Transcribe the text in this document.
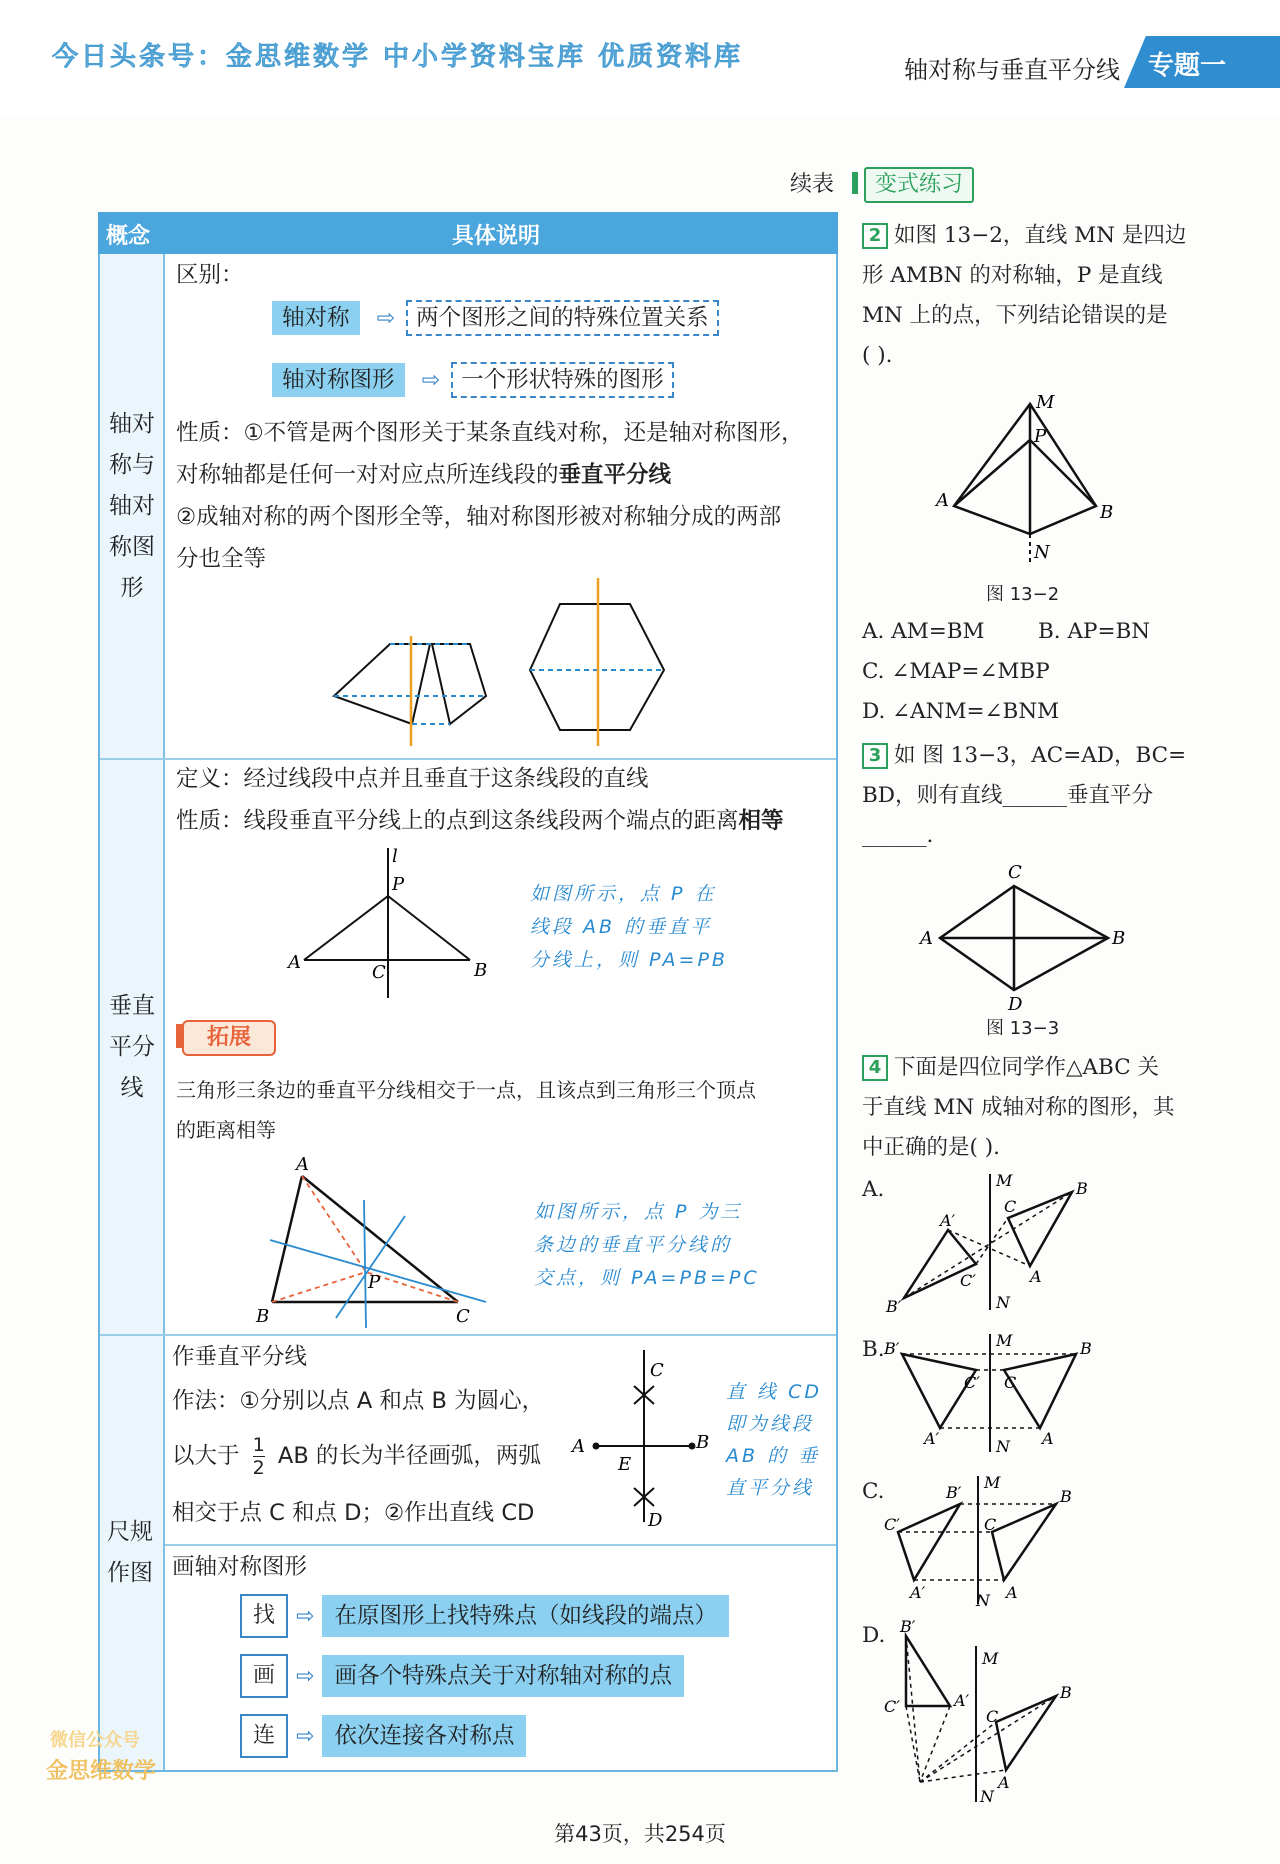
今日头条号：金思维数学 中小学资料宝库 优质资料库	轴对称与垂直平分线 专题一
续表	变式练习
概念	具体说明
轴对
称与
轴对
称图
形
区别：
轴对称 ⇨ 两个图形之间的特殊位置关系
轴对称图形 ⇨ 一个形状特殊的图形
性质：①不管是两个图形关于某条直线对称，还是轴对称图形，
对称轴都是任何一对对应点所连线段的垂直平分线
②成轴对称的两个图形全等，轴对称图形被对称轴分成的两部
分也全等
垂直
平分
线
定义：经过线段中点并且垂直于这条线段的直线
性质：线段垂直平分线上的点到这条线段两个端点的距离相等
l
P
A	B
C
如图所示，点 P 在
线段 AB 的垂直平
分线上，则 PA=PB
拓展
三角形三条边的垂直平分线相交于一点，且该点到三角形三个顶点
的距离相等
A
B	C
P
如图所示，点 P 为三
条边的垂直平分线的
交点，则 PA=PB=PC
尺规
作图
作垂直平分线
作法：①分别以点 A 和点 B 为圆心，
以大于 $\frac{1}{2}$ AB 的长为半径画弧，两弧
相交于点 C 和点 D；②作出直线 CD
C
A	B
E
D
直 线 CD
即为线段
AB 的 垂
直平分线
画轴对称图形
找 ⇨ 在原图形上找特殊点（如线段的端点）
画 ⇨ 画各个特殊点关于对称轴对称的点
连 ⇨ 依次连接各对称点
2 如图 13−2，直线 MN 是四边
形 AMBN 的对称轴，P 是直线
MN 上的点，下列结论错误的是
( ).
M
P
A
B
N
图 13−2
A. AM=BM B. AP=BN
C. ∠MAP=∠MBP
D. ∠ANM=∠BNM
3 如 图 13−3，AC=AD，BC=
BD，则有直线______垂直平分
______.
C
A	B
D
图 13−3
4 下面是四位同学作△ABC 关
于直线 MN 成轴对称的图形，其
中正确的是( ).
A.	M
N
B
C
A
A′
C′
B′
B.	M
N
B′	B
C′ C
A′	A
C.	M
N
B′	B
C′	C
A′	A
D. B′
M
C′	A′
C
B
A
N
微信公众号
金思维数学
第43页，共254页
